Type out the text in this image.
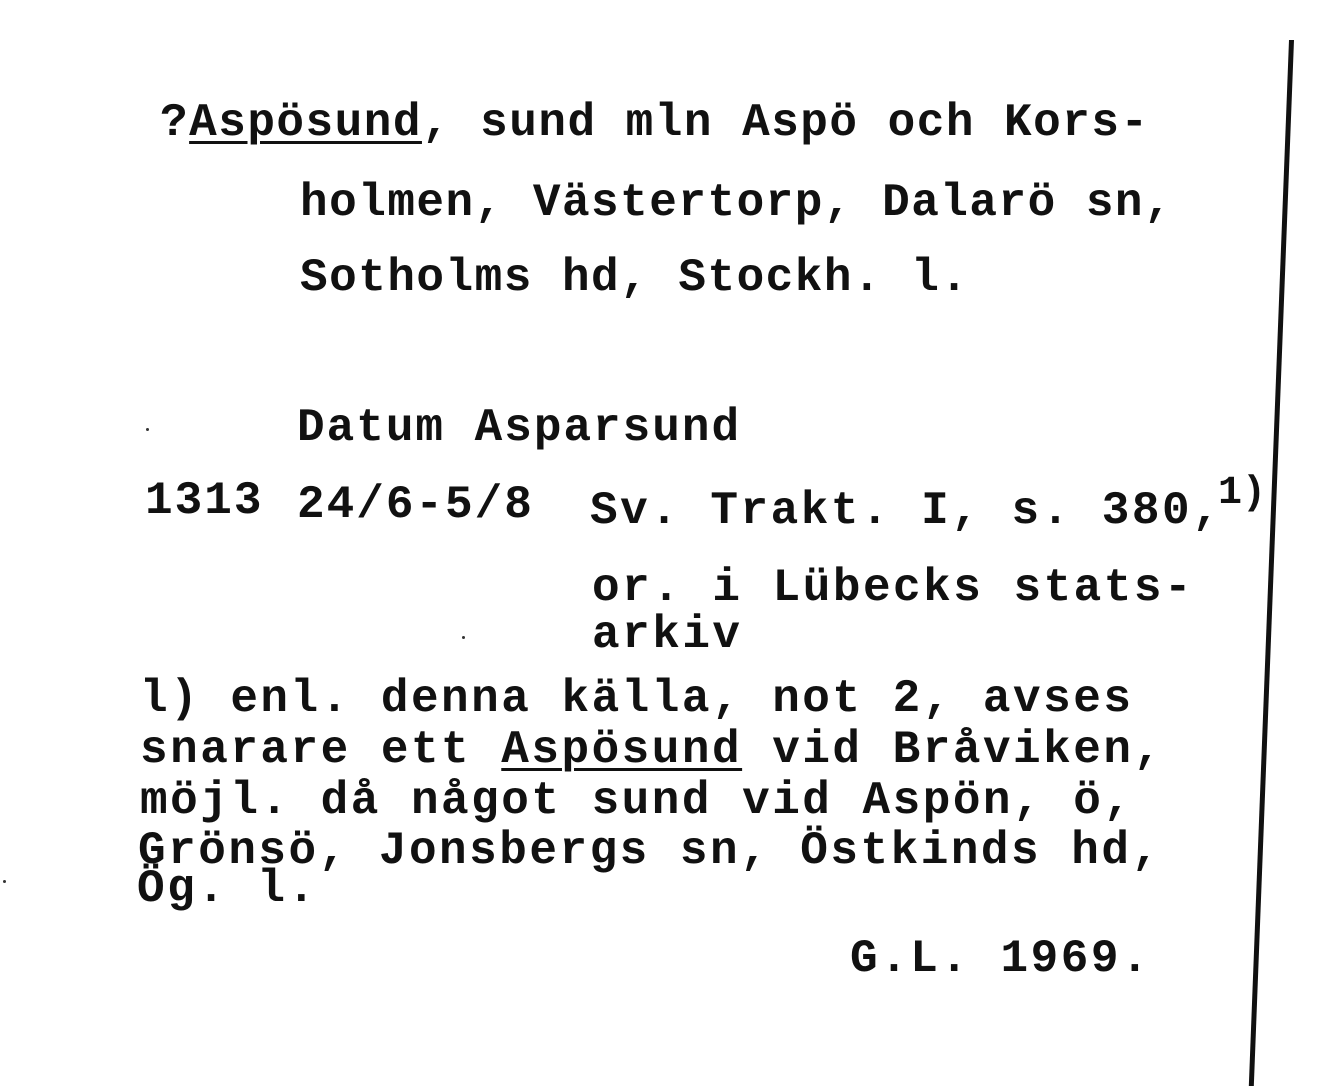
?Aspösund, sund mln Aspö och Kors-
holmen, Västertorp, Dalarö sn,
Sotholms hd, Stockh. l.
Datum Asparsund
1313 24/6-5/8 Sv. Trakt. I, s. 380,
1)
or. i Lübecks stats-
arkiv
l) enl. denna källa, not 2, avses
snarare ett Aspösund vid Bråviken,
möjl. då något sund vid Aspön, ö,
Grönsö, Jonsbergs sn, Östkinds hd,
Ög. l.
G.L. 1969.
